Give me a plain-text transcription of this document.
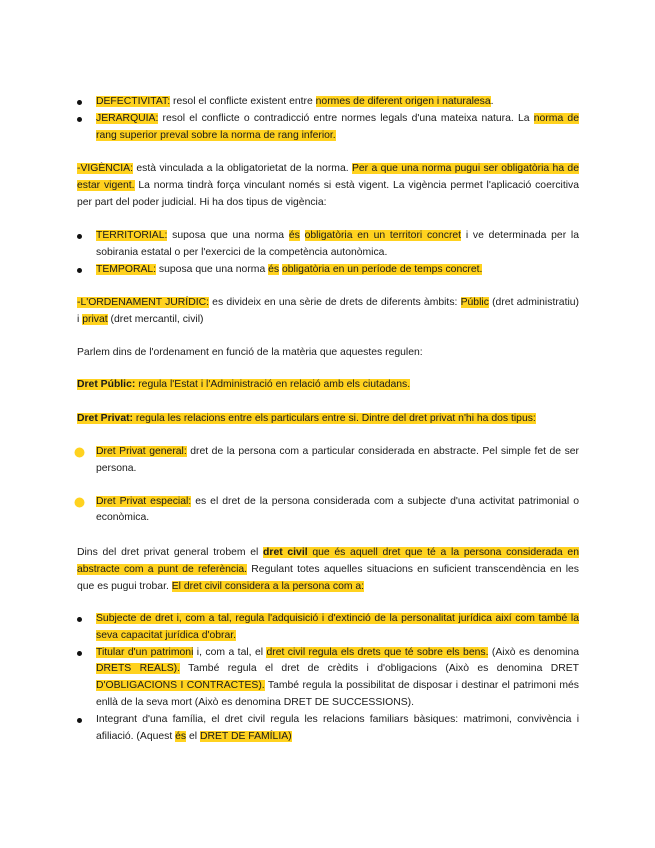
DEFECTIVITAT: resol el conflicte existent entre normes de diferent origen i naturalesa.
JERARQUIA: resol el conflicte o contradicció entre normes legals d'una mateixa natura. La norma de rang superior preval sobre la norma de rang inferior.

-VIGÈNCIA: està vinculada a la obligatorietat de la norma. Per a que una norma pugui ser obligatòria ha de estar vigent. La norma tindrà força vinculant només si està vigent. La vigència permet l'aplicació coercitiva per part del poder judicial. Hi ha dos tipus de vigència:

TERRITORIAL: suposa que una norma és obligatòria en un territori concret i ve determinada per la sobirania estatal o per l'exercici de la competència autonòmica.
TEMPORAL: suposa que una norma és obligatòria en un període de temps concret.

-L'ORDENAMENT JURÍDIC: es divideix en una sèrie de drets de diferents àmbits: Públic (dret administratiu) i privat (dret mercantil, civil)

Parlem dins de l'ordenament en funció de la matèria que aquestes regulen:

Dret Públic: regula l'Estat i l'Administració en relació amb els ciutadans.

Dret Privat: regula les relacions entre els particulars entre si. Dintre del dret privat n'hi ha dos tipus:

Dret Privat general: dret de la persona com a particular considerada en abstracte. Pel simple fet de ser persona.
Dret Privat especial: es el dret de la persona considerada com a subjecte d'una activitat patrimonial o econòmica.

Dins del dret privat general trobem el dret civil que és aquell dret que té a la persona considerada en abstracte com a punt de referència. Regulant totes aquelles situacions en suficient transcendència en les que es pugui trobar. El dret civil considera a la persona com a:

Subjecte de dret i, com a tal, regula l'adquisició i d'extinció de la personalitat jurídica així com també la seva capacitat jurídica d'obrar.
Titular d'un patrimoni i, com a tal, el dret civil regula els drets que té sobre els bens. (Això es denomina DRETS REALS). També regula el dret de crèdits i d'obligacions (Això es denomina DRET D'OBLIGACIONS I CONTRACTES). També regula la possibilitat de disposar i destinar el patrimoni més enllà de la seva mort (Això es denomina DRET DE SUCCESSIONS).
Integrant d'una família, el dret civil regula les relacions familiars bàsiques: matrimoni, convivència i afiliació. (Aquest és el DRET DE FAMÍLIA)
